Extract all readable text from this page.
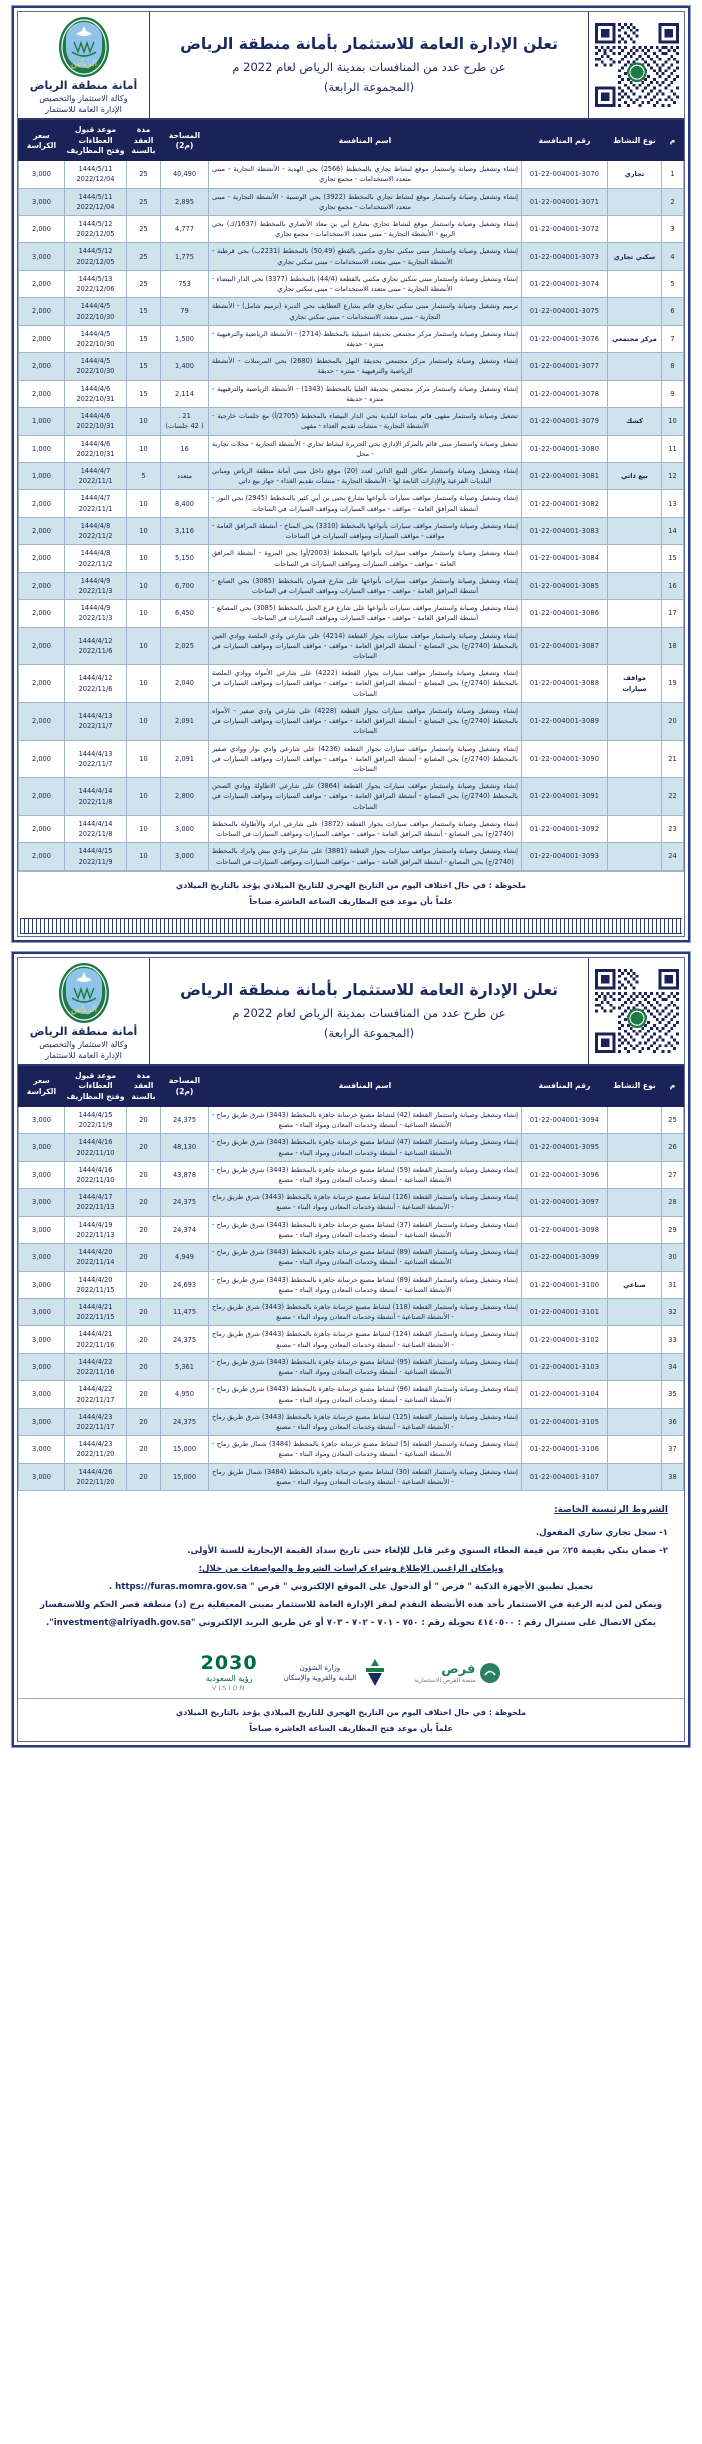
تعلن الإدارة العامة للاستثمار بأمانة منطقة الرياض
عن طرح عدد من المنافسات بمدينة الرياض لعام 2022 م
(المجموعة الرابعة)
الرياض
أمانة منطقة الرياض
وكالة الاستثمار والتخصيص
الإدارة العامة للاستثمار
م	نوع النشاط	رقم المنافسة	اسم المنافسة	
المساحة
(م2)

مدة العقد
بالسنة

موعد قبول العطاءات
وفتح المظاريف

سعر
الكراسة

1	تجاري	01-22-004001-3070	إنشاء وتشغيل وصيانة واستثمار موقع لنشاط تجاري بالمخطط (2566) بحي الهدية - الأنشطة التجارية - مبنى متعدد الاستخدامات - مجمع تجاري	40,490	25	1444/5/11
2022/12/04	3,000
2		01-22-004001-3071	إنشاء وتشغيل وصيانة واستثمار موقع لنشاط تجاري بالمخطط (3922) بحي الونسية - الأنشطة التجارية - مبنى متعدد الاستخدامات - مجمع تجاري	2,895	25	1444/5/11
2022/12/04	3,000
3		01-22-004001-3072	إنشاء وتشغيل وصيانة واستثمار موقع لنشاط تجاري بشارع أبي بن معاذ الأنصاري بالمخطط (1637/ك) بحي الربيع - الأنشطة التجارية - مبنى متعدد الاستخدامات - مجمع تجاري	4,777	25	1444/5/12
2022/12/05	2,000
4	سكني تجاري	01-22-004001-3073	إنشاء وتشغيل وصيانة واستثمار مبنى سكني تجاري مكتبي بالقطع (50,49) بالمخطط (2231ب) بحي قرطبة - الأنشطة التجارية - مبنى متعدد الاستخدامات - مبنى سكني تجاري	1,775	25	1444/5/12
2022/12/05	3,000
5		01-22-004001-3074	إنشاء وتشغيل وصيانة واستثمار مبنى سكني تجاري مكتبي بالقطعة (44/4) بالمخطط (3377) بحي الدار البيضاء - الأنشطة التجارية - مبنى متعدد الاستخدامات - مبنى سكني تجاري	753	25	1444/5/13
2022/12/06	2,000
6		01-22-004001-3075	ترميم وتشغيل وصيانة واستثمار مبنى سكني تجاري قائم بشارع العطايف بحي الديرة (ترميم شامل) - الأنشطة التجارية - مبنى متعدد الاستخدامات - مبنى سكني تجاري	79	15	1444/4/5
2022/10/30	2,000
7	مركز مجتمعي	01-22-004001-3076	إنشاء وتشغيل وصيانة واستثمار مركز مجتمعي بحديقة اشبيلية بالمخطط (2714) - الأنشطة الرياضية والترفيهية - منتزه - حديقة	1,500	15	1444/4/5
2022/10/30	2,000
8		01-22-004001-3077	إنشاء وتشغيل وصيانة واستثمار مركز مجتمعي بحديقة النهل بالمخطط (2680) بحي المرسلات - الأنشطة الرياضية والترفيهية - منتزه - حديقة	1,400	15	1444/4/5
2022/10/30	2,000
9		01-22-004001-3078	إنشاء وتشغيل وصيانة واستثمار مركز مجتمعي بحديقة العليا بالمخطط (1343) - الأنشطة الرياضية والترفيهية - منتزه - حديقة	2,114	15	1444/4/6
2022/10/31	2,000
10	كشك	01-22-004001-3079	تشغيل وصيانة واستثمار مقهى قائم بساحة البلدية بحي الدار البيضاء بالمخطط (2705/أ) مع جلسات خارجية - الأنشطة التجارية - منشآت تقديم الغذاء - مقهى	
21 .
( 42 جلسات)
	10	
1444/4/6
2022/10/31
	1,000
11		01-22-004001-3080	تشغيل وصيانة واستثمار مبنى قائم بالمركز الإداري بحي الجزيرة لنشاط تجاري - الأنشطة التجارية - محلات تجارية - محل	16	10	1444/4/6
2022/10/31	1,000
12	بيع ذاتي	01-22-004001-3081	إنشاء وتشغيل وصيانة واستثمار مكائن للبيع الذاتي لعدد (20) موقع داخل مبنى أمانة منطقة الرياض ومباني البلديات الفرعية والإدارات التابعة لها - الأنشطة التجارية - منشآت تقديم الغذاء - جهاز بيع ذاتي	متعدد	5	1444/4/7
2022/11/1	1,000
13		01-22-004001-3082	إنشاء وتشغيل وصيانة واستثمار مواقف سيارات بأنواعها بشارع يحيى بن أبي كثير بالمخطط (2945) بحي النور - أنشطة المرافق العامة - مواقف - مواقف السيارات ومواقف السيارات في الساحات	8,400	10	1444/4/7
2022/11/1	2,000
14		01-22-004001-3083	إنشاء وتشغيل وصيانة واستثمار مواقف سيارات بأنواعها بالمخطط (3310) بحي المناخ - أنشطة المرافق العامة - مواقف - مواقف السيارات ومواقف السيارات في الساحات	3,116	10	1444/4/8
2022/11/2	2,000
15		01-22-004001-3084	إنشاء وتشغيل وصيانة واستثمار مواقف سيارات بأنواعها بالمخطط (2003/أو) بحي المروة - أنشطة المرافق العامة - مواقف - مواقف السيارات ومواقف السيارات في الساحات	5,150	10	1444/4/8
2022/11/2	2,000
16		01-22-004001-3085	إنشاء وتشغيل وصيانة واستثمار مواقف سيارات بأنواعها على شارع قصوان بالمخطط (3085) بحي الصانع - أنشطة المرافق العامة - مواقف - مواقف السيارات ومواقف السيارات في الساحات	6,700	10	1444/4/9
2022/11/3	2,000
17		01-22-004001-3086	إنشاء وتشغيل وصيانة واستثمار مواقف سيارات بأنواعها على شارع قرع الجبل بالمخطط (3085) بحي المصانع - أنشطة المرافق العامة - مواقف - مواقف السيارات ومواقف السيارات في الساحات	6,450	10	1444/4/9
2022/11/3	2,000
18		01-22-004001-3087	إنشاء وتشغيل وصيانة واستثمار مواقف سيارات بجوار القطعة (4214) على شارعي وادي الملصة ووادي العين بالمخطط (2740/ج) بحي المصانع - أنشطة المرافق العامة - مواقف - مواقف السيارات ومواقف السيارات في الساحات	2,025	10	1444/4/12
2022/11/6	2,000
19	مواقف سيارات	01-22-004001-3088	إنشاء وتشغيل وصيانة واستثمار مواقف سيارات بجوار القطعة (4222) على شارعي الأمواه ووادي الملصة بالمخطط (2740/ج) بحي المصانع - أنشطة المرافق العامة - مواقف - مواقف السيارات ومواقف السيارات في الساحات	2,040	10	1444/4/12
2022/11/6	2,000
20		01-22-004001-3089	إنشاء وتشغيل وصيانة واستثمار مواقف سيارات بجوار القطعة (4228) على شارعي وادي صفير - الأمواه بالمخطط (2740/ج) بحي المصانع - أنشطة المرافق العامة - مواقف - مواقف السيارات ومواقف السيارات في الساحات	2,091	10	1444/4/13
2022/11/7	2,000
21		01-22-004001-3090	إنشاء وتشغيل وصيانة واستثمار مواقف سيارات بجوار القطعة (4236) على شارعي وادي نوار ووادي صفير بالمخطط (2740/ج) بحي المصانع - أنشطة المرافق العامة - مواقف - مواقف السيارات ومواقف السيارات في الساحات	2,091	10	1444/4/13
2022/11/7	2,000
22		01-22-004001-3091	إنشاء وتشغيل وصيانة واستثمار مواقف سيارات بجوار القطعة (3864) على شارعي الاطاولة ووادي الصحن بالمخطط (2740/ج) بحي المصانع - أنشطة المرافق العامة - مواقف - مواقف السيارات ومواقف السيارات في الساحات	2,800	10	1444/4/14
2022/11/8	2,000
23		01-22-004001-3092	إنشاء وتشغيل وصيانة واستثمار مواقف سيارات بجوار القطعة (3872) على شارعي ابراد والأطاولة بالمخطط (2740/ج) بحي المصانع - أنشطة المرافق العامة - مواقف - مواقف السيارات ومواقف السيارات في الساحات	3,000	10	1444/4/14
2022/11/8	2,000
24		01-22-004001-3093	إنشاء وتشغيل وصيانة واستثمار مواقف سيارات بجوار القطعة (3881) على شارعي وادي بيش وابراد بالمخطط (2740/ج) بحي المصانع - أنشطة المرافق العامة - مواقف - مواقف السيارات ومواقف السيارات في الساحات	3,000	10	1444/4/15
2022/11/9	2,000
ملحوظة : في حال اختلاف اليوم من التاريخ الهجري للتاريخ الميلادي يؤخذ بالتاريخ الميلادي
علماً بأن موعد فتح المظاريف الساعة العاشرة صباحاً
تعلن الإدارة العامة للاستثمار بأمانة منطقة الرياض
عن طرح عدد من المنافسات بمدينة الرياض لعام 2022 م
(المجموعة الرابعة)
الرياض
أمانة منطقة الرياض
وكالة الاستثمار والتخصيص
الإدارة العامة للاستثمار
م	نوع النشاط	رقم المنافسة	اسم المنافسة	
المساحة
(م2)

مدة العقد
بالسنة

موعد قبول العطاءات
وفتح المظاريف

سعر
الكراسة

25		01-22-004001-3094	إنشاء وتشغيل وصيانة واستثمار القطعة (42) لنشاط مصنع خرسانة جاهزة بالمخطط (3443) شرق طريق رماح - الأنشطة الصناعية - أنشطة وخدمات المعادن ومواد البناء - مصنع	24,375	20	1444/4/15
2022/11/9	3,000
26		01-22-004001-3095	إنشاء وتشغيل وصيانة واستثمار القطعة (47) لنشاط مصنع خرسانة جاهزة بالمخطط (3443) شرق طريق رماح - الأنشطة الصناعية - أنشطة وخدمات المعادن ومواد البناء - مصنع	48,130	20	1444/4/16
2022/11/10	3,000
27		01-22-004001-3096	إنشاء وتشغيل وصيانة واستثمار القطعة (59) لنشاط مصنع خرسانة جاهزة بالمخطط (3443) شرق طريق رماح - الأنشطة الصناعية - أنشطة وخدمات المعادن ومواد البناء - مصنع	43,878	20	1444/4/16
2022/11/10	3,000
28		01-22-004001-3097	إنشاء وتشغيل وصيانة واستثمار القطعة (126) لنشاط مصنع خرسانة جاهزة بالمخطط (3443) شرق طريق رماح - الأنشطة الصناعية - أنشطة وخدمات المعادن ومواد البناء - مصنع	24,375	20	1444/4/17
2022/11/13	3,000
29		01-22-004001-3098	إنشاء وتشغيل وصيانة واستثمار القطعة (37) لنشاط مصنع خرسانة جاهزة بالمخطط (3443) شرق طريق رماح - الأنشطة الصناعية - أنشطة وخدمات المعادن ومواد البناء - مصنع	24,374	20	1444/4/19
2022/11/13	3,000
30		01-22-004001-3099	إنشاء وتشغيل وصيانة واستثمار القطعة (89) لنشاط مصنع خرسانة جاهزة بالمخطط (3443) شرق طريق رماح - الأنشطة الصناعية - أنشطة وخدمات المعادن ومواد البناء - مصنع	4,949	20	1444/4/20
2022/11/14	3,000
31	صناعي	01-22-004001-3100	إنشاء وتشغيل وصيانة واستثمار القطعة (89) لنشاط مصنع خرسانة جاهزة بالمخطط (3443) شرق طريق رماح - الأنشطة الصناعية - أنشطة وخدمات المعادن ومواد البناء - مصنع	24,693	20	1444/4/20
2022/11/15	3,000
32		01-22-004001-3101	إنشاء وتشغيل وصيانة واستثمار القطعة (118) لنشاط مصنع خرسانة جاهزة بالمخطط (3443) شرق طريق رماح - الأنشطة الصناعية - أنشطة وخدمات المعادن ومواد البناء - مصنع	11,475	20	1444/4/21
2022/11/15	3,000
33		01-22-004001-3102	إنشاء وتشغيل وصيانة واستثمار القطعة (124) لنشاط مصنع خرسانة جاهزة بالمخطط (3443) شرق طريق رماح - الأنشطة الصناعية - أنشطة وخدمات المعادن ومواد البناء - مصنع	24,375	20	1444/4/21
2022/11/16	3,000
34		01-22-004001-3103	إنشاء وتشغيل وصيانة واستثمار القطعة (95) لنشاط مصنع خرسانة جاهزة بالمخطط (3443) شرق طريق رماح - الأنشطة الصناعية - أنشطة وخدمات المعادن ومواد البناء - مصنع	5,361	20	1444/4/22
2022/11/16	3,000
35		01-22-004001-3104	إنشاء وتشغيل وصيانة واستثمار القطعة (96) لنشاط مصنع خرسانة جاهزة بالمخطط (3443) شرق طريق رماح - الأنشطة الصناعية - أنشطة وخدمات المعادن ومواد البناء - مصنع	4,950	20	1444/4/22
2022/11/17	3,000
36		01-22-004001-3105	إنشاء وتشغيل وصيانة واستثمار القطعة (125) لنشاط مصنع خرسانة جاهزة بالمخطط (3443) شرق طريق رماح - الأنشطة الصناعية - أنشطة وخدمات المعادن ومواد البناء - مصنع	24,375	20	1444/4/23
2022/11/17	3,000
37		01-22-004001-3106	إنشاء وتشغيل وصيانة واستثمار القطعة (5) لنشاط مصنع خرسانة جاهزة بالمخطط (3484) شمال طريق رماح - الأنشطة الصناعية - أنشطة وخدمات المعادن ومواد البناء - مصنع	15,000	20	1444/4/23
2022/11/20	3,000
38		01-22-004001-3107	إنشاء وتشغيل وصيانة واستثمار القطعة (30) لنشاط مصنع خرسانة جاهزة بالمخطط (3484) شمال طريق رماح - الأنشطة الصناعية - أنشطة وخدمات المعادن ومواد البناء - مصنع	15,000	20	1444/4/26
2022/11/20	3,000
الشروط الرئيسية الخاصة:
١- سجل تجاري ساري المفعول.
٢- ضمان بنكي بقيمة ٢٥٪ من قيمة العطاء السنوي وغير قابل للإلغاء حتى تاريخ سداد القيمة الإيجارية للسنة الأولى.
وبإمكان الراغبين الإطلاع وشراء كراسات الشروط والمواصفات من خلال:
تحميل تطبيق الأجهزة الذكية " فرص " أو الدخول على الموقع الإلكتروني " فرص " https://furas.momra.gov.sa .
ويمكن لمن لديه الرغبة في الاستثمار بأحد هذه الأنشطة التقدم لمقر الإدارة العامة للاستثمار بمبنى المعيقلية برج (د) منطقة قصر الحكم وللاستفسار
يمكن الاتصال على سنترال رقم : ٤١٤٠٥٠٠ تحويلة رقم : ٧٥٠ - ٧٠١ - ٧٠٢ - ٧٠٣ أو عن طريق البريد الإلكتروني "investment@alriyadh.gov.sa".
فرص
منصة الفرص الاستثمارية
وزارة الشؤون
البلدية والقروية والإسكان
2030
رؤية السعودية
VISION
ملحوظة : في حال اختلاف اليوم من التاريخ الهجري للتاريخ الميلادي يؤخذ بالتاريخ الميلادي
علماً بأن موعد فتح المظاريف الساعة العاشرة صباحاً
